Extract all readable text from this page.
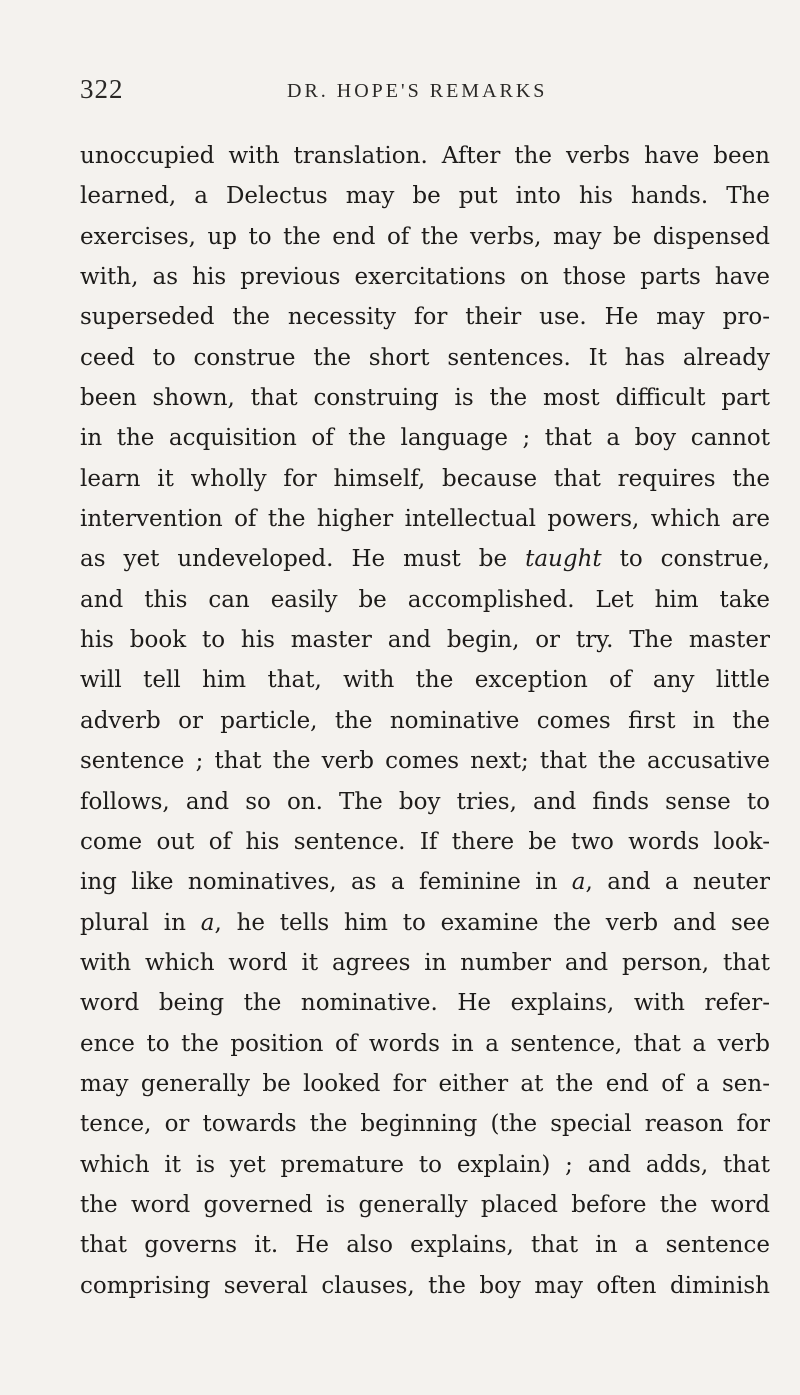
322	DR. HOPE'S REMARKS
unoccupied with translation. After the verbs have been
learned, a Delectus may be put into his hands. The
exercises, up to the end of the verbs, may be dispensed
with, as his previous exercitations on those parts have
superseded the necessity for their use. He may pro-
ceed to construe the short sentences. It has already
been shown, that construing is the most difficult part
in the acquisition of the language ; that a boy cannot
learn it wholly for himself, because that requires the
intervention of the higher intellectual powers, which are
as yet undeveloped. He must be taught to construe,
and this can easily be accomplished. Let him take
his book to his master and begin, or try. The master
will tell him that, with the exception of any little
adverb or particle, the nominative comes first in the
sentence ; that the verb comes next; that the accusative
follows, and so on. The boy tries, and finds sense to
come out of his sentence. If there be two words look-
ing like nominatives, as a feminine in a, and a neuter
plural in a, he tells him to examine the verb and see
with which word it agrees in number and person, that
word being the nominative. He explains, with refer-
ence to the position of words in a sentence, that a verb
may generally be looked for either at the end of a sen-
tence, or towards the beginning (the special reason for
which it is yet premature to explain) ; and adds, that
the word governed is generally placed before the word
that governs it. He also explains, that in a sentence
comprising several clauses, the boy may often diminish
